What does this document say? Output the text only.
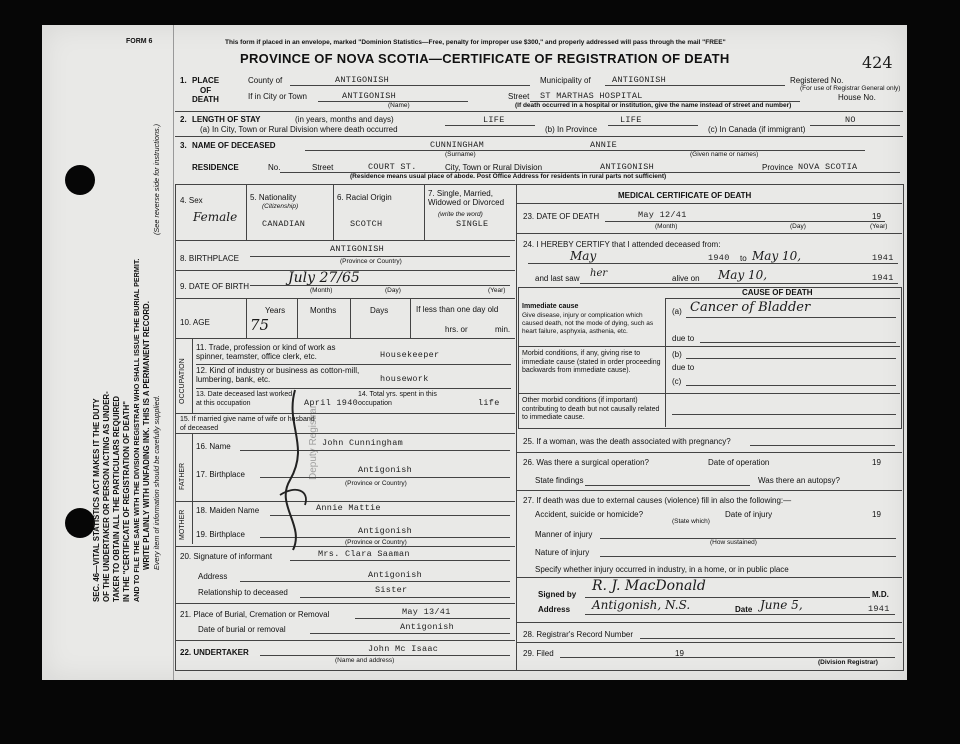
SEC. 46—VITAL STATISTICS ACT MAKES IT THE DUTY OF THE UNDERTAKER OR PERSON ACTING AS UNDER- TAKER TO OBTAIN ALL THE PARTICULARS REQUIRED IN THE "CERTIFICATE OF REGISTRATION OF DEATH" AND TO FILE THE SAME WITH THE DIVISION REGISTRAR WHO SHALL ISSUE THE BURIAL PERMIT. WRITE PLAINLY WITH UNFADING INK. THIS IS A PERMANENT RECORD. Every item of information should be carefully supplied.
(See reverse side for instructions.)
FORM 6	This form if placed in an envelope, marked "Dominion Statistics—Free, penalty for improper use $300," and properly addressed will pass through the mail "FREE"
PROVINCE OF NOVA SCOTIA—CERTIFICATE OF REGISTRATION OF DEATH	424
1. PLACE
OF
DEATH
County of	ANTIGONISH	Municipality of	ANTIGONISH	Registered No.
(For use of Registrar General only)
If in City or Town	ANTIGONISH
(Name)
Street ST MARTHAS HOSPITAL	House No.
(If death occurred in a hospital or institution, give the name instead of street and number)
2. LENGTH OF STAY	(in years, months and days)
(a) In City, Town or Rural Division where death occurred
LIFE
(b) In Province
LIFE
(c) In Canada (if immigrant)
NO
3. NAME OF DECEASED	CUNNINGHAM	ANNIE
(Surname)	(Given name or names)
RESIDENCE	No.	Street	COURT ST.	City, Town or Rural Division	ANTIGONISH	Province NOVA SCOTIA
(Residence means usual place of abode. Post Office Address for residents in rural parts not sufficient)
4. Sex
Female
5. Nationality
(Citizenship)
CANADIAN
6. Racial Origin
SCOTCH
7. Single, Married, Widowed or Divorced
(write the word)
SINGLE
8. BIRTHPLACE
ANTIGONISH
(Province or Country)
9. DATE OF BIRTH
July 27/65
(Month)	(Day)	(Year)
10. AGE
Years
75
Months	Days	If less than one day old
hrs. or	min.
OCCUPATION
11. Trade, profession or kind of work as spinner, teamster, office clerk, etc.	Housekeeper
12. Kind of industry or business as cotton-mill, lumbering, bank, etc.	housework
13. Date deceased last worked at this occupation	April 1940
14. Total yrs. spent in this occupation	life
15. If married give name of wife or husband of deceased
FATHER
16. Name	John Cunningham
17. Birthplace	Antigonish
(Province or Country)
MOTHER 18. Maiden Name	Annie Mattie
19. Birthplace	Antigonish
(Province or Country)
20. Signature of informant	Mrs. Clara Saaman
Address	Antigonish
Relationship to deceased	Sister
21. Place of Burial, Cremation or Removal	May 13/41
Date of burial or removal	Antigonish
22. UNDERTAKER	John Mc Isaac
(Name and address)
MEDICAL CERTIFICATE OF DEATH
23. DATE OF DEATH	May 12/41	19
(Month)	(Day)	(Year)
24. I HEREBY CERTIFY that I attended deceased from:
May	1940 to May 10,	1941
and last saw her	alive on May 10,	1941
CAUSE OF DEATH
Immediate cause
Give disease, injury or complication which caused death, not the mode of dying, such as heart failure, asphyxia, asthenia, etc.
(a) Cancer of Bladder
due to
Morbid conditions, if any, giving rise to immediate cause (stated in order proceeding backwards from immediate cause).
(b)
due to
(c)
Other morbid conditions (if important) contributing to death but not causally related to immediate cause.
25. If a woman, was the death associated with pregnancy?
26. Was there a surgical operation?	Date of operation	19
State findings	Was there an autopsy?
27. If death was due to external causes (violence) fill in also the following:—
Accident, suicide or homicide?
(State which)
Date of injury	19
Manner of injury
(How sustained)
Nature of injury
Specify whether injury occurred in industry, in a home, or in public place
Signed by
R. J. MacDonald
M.D.
Address Antigonish, N.S.	Date June 5,	1941
28. Registrar's Record Number
29. Filed	19
(Division Registrar)
Deputy Registrar
